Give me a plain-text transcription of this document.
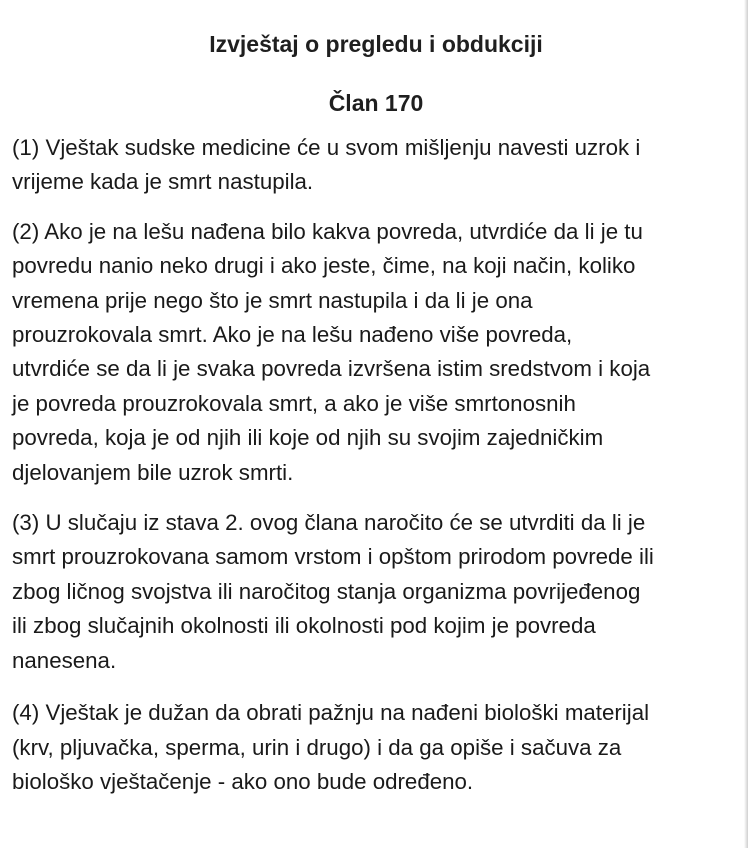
Izvještaj o pregledu i obdukciji
Član 170

(1) Vještak sudske medicine će u svom mišljenju navesti uzrok i
vrijeme kada je smrt nastupila.

(2) Ako je na lešu nađena bilo kakva povreda, utvrdiće da li je tu
povredu nanio neko drugi i ako jeste, čime, na koji način, koliko
vremena prije nego što je smrt nastupila i da li je ona
prouzrokovala smrt. Ako je na lešu nađeno više povreda,
utvrdiće se da li je svaka povreda izvršena istim sredstvom i koja
je povreda prouzrokovala smrt, a ako je više smrtonosnih
povreda, koja je od njih ili koje od njih su svojim zajedničkim
djelovanjem bile uzrok smrti.

(3) U slučaju iz stava 2. ovog člana naročito će se utvrditi da li je
smrt prouzrokovana samom vrstom i opštom prirodom povrede ili
zbog ličnog svojstva ili naročitog stanja organizma povrijeđenog
ili zbog slučajnih okolnosti ili okolnosti pod kojim je povreda
nanesena.

(4) Vještak je dužan da obrati pažnju na nađeni biološki materijal
(krv, pljuvačka, sperma, urin i drugo) i da ga opiše i sačuva za
biološko vještačenje - ako ono bude određeno.
